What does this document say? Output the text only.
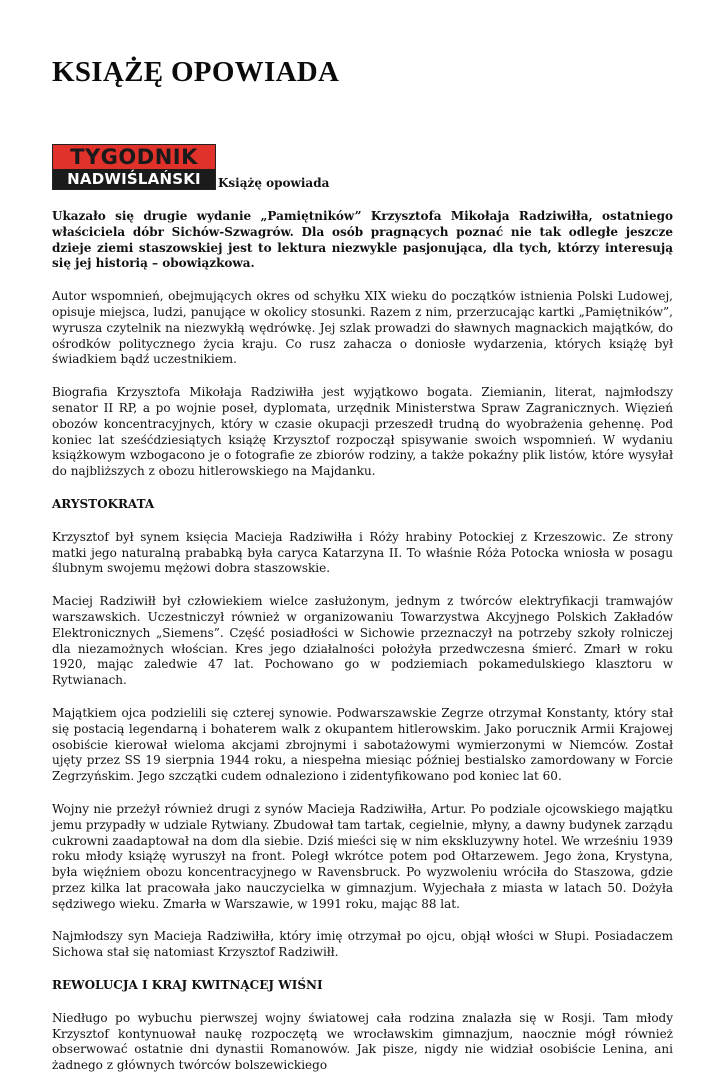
KSIĄŻĘ OPOWIADA
TYGODNIK
NADWIŚLAŃSKI	Książę opowiada

Ukazało się drugie wydanie „Pamiętników” Krzysztofa Mikołaja Radziwiłła, ostatniego właściciela dóbr Sichów-Szwagrów. Dla osób pragnących poznać nie tak odległe jeszcze dzieje ziemi staszowskiej jest to lektura niezwykle pasjonująca, dla tych, którzy interesują się jej historią – obowiązkowa.

Autor wspomnień, obejmujących okres od schyłku XIX wieku do początków istnienia Polski Ludowej, opisuje miejsca, ludzi, panujące w okolicy stosunki. Razem z nim, przerzucając kartki „Pamiętników”, wyrusza czytelnik na niezwykłą wędrówkę. Jej szlak prowadzi do sławnych magnackich majątków, do ośrodków politycznego życia kraju. Co rusz zahacza o doniosłe wydarzenia, których książę był świadkiem bądź uczestnikiem.

Biografia Krzysztofa Mikołaja Radziwiłła jest wyjątkowo bogata. Ziemianin, literat, najmłodszy senator II RP, a po wojnie poseł, dyplomata, urzędnik Ministerstwa Spraw Zagranicznych. Więzień obozów koncentracyjnych, który w czasie okupacji przeszedł trudną do wyobrażenia gehennę. Pod koniec lat sześćdziesiątych książę Krzysztof rozpoczął spisywanie swoich wspomnień. W wydaniu książkowym wzbogacono je o fotografie ze zbiorów rodziny, a także pokaźny plik listów, które wysyłał do najbliższych z obozu hitlerowskiego na Majdanku.

ARYSTOKRATA

Krzysztof był synem księcia Macieja Radziwiłła i Róży hrabiny Potockiej z Krzeszowic. Ze strony matki jego naturalną prababką była caryca Katarzyna II. To właśnie Róża Potocka wniosła w posagu ślubnym swojemu mężowi dobra staszowskie.

Maciej Radziwiłł był człowiekiem wielce zasłużonym, jednym z twórców elektryfikacji tramwajów warszawskich. Uczestniczył również w organizowaniu Towarzystwa Akcyjnego Polskich Zakładów Elektronicznych „Siemens”. Część posiadłości w Sichowie przeznaczył na potrzeby szkoły rolniczej dla niezamożnych włościan. Kres jego działalności położyła przedwczesna śmierć. Zmarł w roku 1920, mając zaledwie 47 lat. Pochowano go w podziemiach pokamedulskiego klasztoru w Rytwianach.

Majątkiem ojca podzielili się czterej synowie. Podwarszawskie Zegrze otrzymał Konstanty, który stał się postacią legendarną i bohaterem walk z okupantem hitlerowskim. Jako porucznik Armii Krajowej osobiście kierował wieloma akcjami zbrojnymi i sabotażowymi wymierzonymi w Niemców. Został ujęty przez SS 19 sierpnia 1944 roku, a niespełna miesiąc później bestialsko zamordowany w Forcie Zegrzyńskim. Jego szczątki cudem odnaleziono i zidentyfikowano pod koniec lat 60.

Wojny nie przeżył również drugi z synów Macieja Radziwiłła, Artur. Po podziale ojcowskiego majątku jemu przypadły w udziale Rytwiany. Zbudował tam tartak, cegielnie, młyny, a dawny budynek zarządu cukrowni zaadaptował na dom dla siebie. Dziś mieści się w nim ekskluzywny hotel. We wrześniu 1939 roku młody książę wyruszył na front. Poległ wkrótce potem pod Ołtarzewem. Jego żona, Krystyna, była więźniem obozu koncentracyjnego w Ravensbruck. Po wyzwoleniu wróciła do Staszowa, gdzie przez kilka lat pracowała jako nauczycielka w gimnazjum. Wyjechała z miasta w latach 50. Dożyła sędziwego wieku. Zmarła w Warszawie, w 1991 roku, mając 88 lat.

Najmłodszy syn Macieja Radziwiłła, który imię otrzymał po ojcu, objął włości w Słupi. Posiadaczem Sichowa stał się natomiast Krzysztof Radziwiłł.

REWOLUCJA I KRAJ KWITNĄCEJ WIŚNI

Niedługo po wybuchu pierwszej wojny światowej cała rodzina znalazła się w Rosji. Tam młody Krzysztof kontynuował naukę rozpoczętą we wrocławskim gimnazjum, naocznie mógł również obserwować ostatnie dni dynastii Romanowów. Jak pisze, nigdy nie widział osobiście Lenina, ani żadnego z głównych twórców bolszewickiego
